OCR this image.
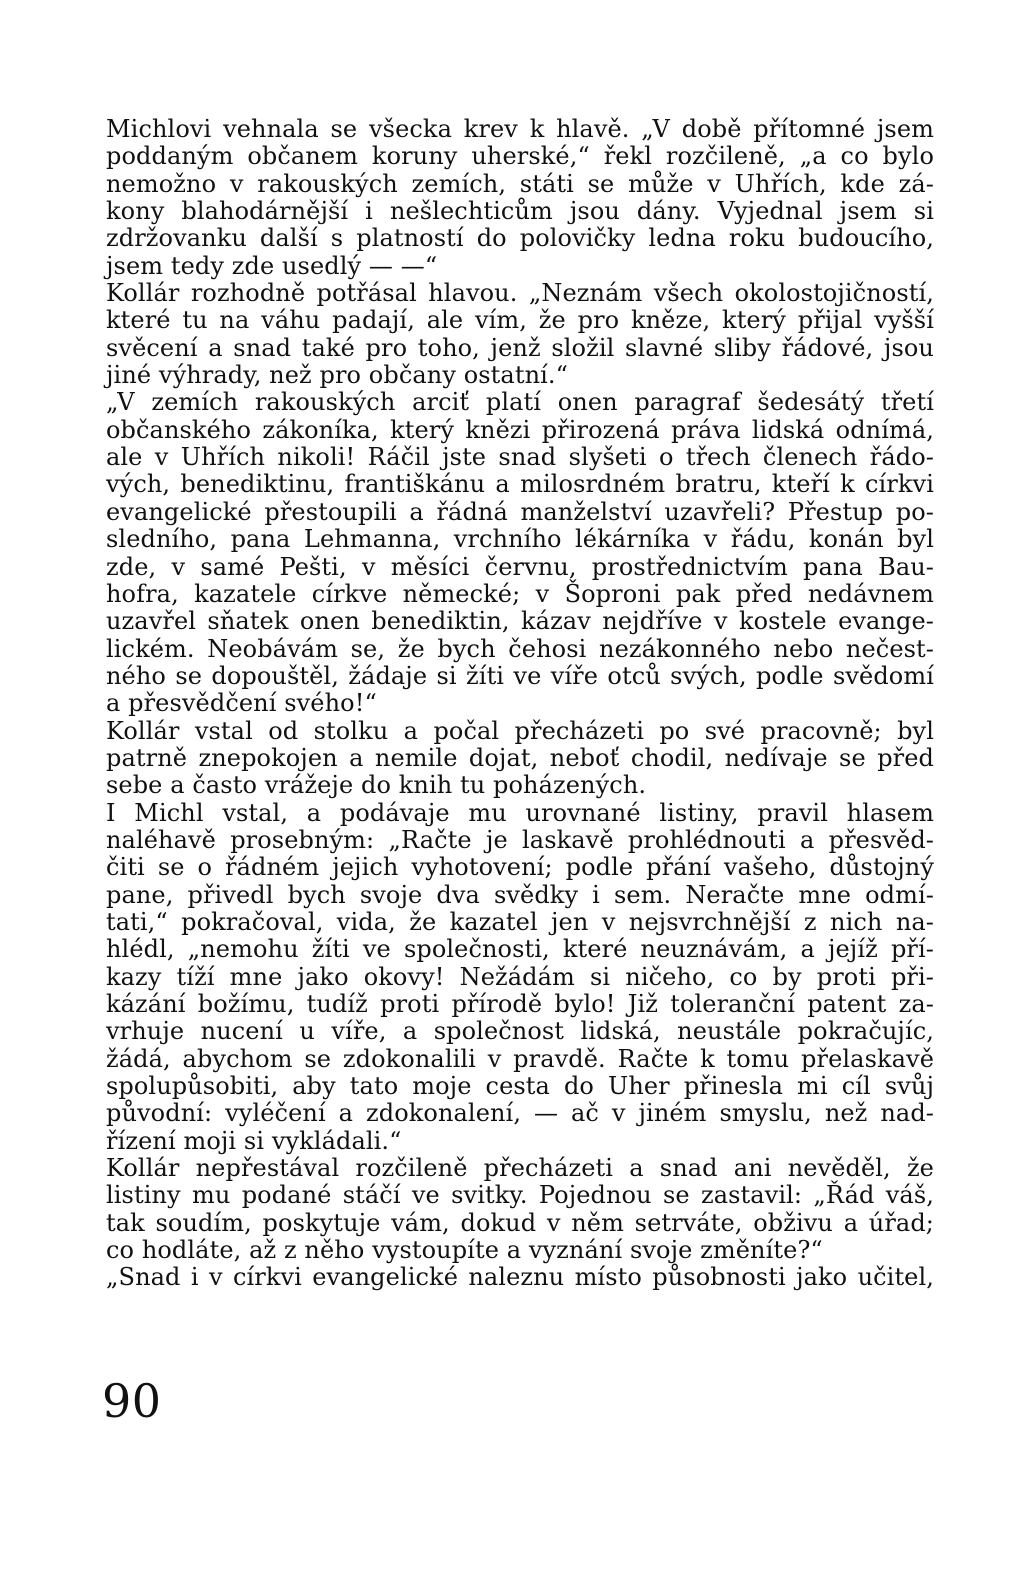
Michlovi vehnala se všecka krev k hlavě. „V době přítomné jsem
poddaným občanem koruny uherské,“ řekl rozčileně, „a co bylo
nemožno v rakouských zemích, státi se může v Uhřích, kde zá-
kony blahodárnější i nešlechticům jsou dány. Vyjednal jsem si
zdržovanku další s platností do polovičky ledna roku budoucího,
jsem tedy zde usedlý — —“
Kollár rozhodně potřásal hlavou. „Neznám všech okolostojičností,
které tu na váhu padají, ale vím, že pro kněze, který přijal vyšší
svěcení a snad také pro toho, jenž složil slavné sliby řádové, jsou
jiné výhrady, než pro občany ostatní.“
„V zemích rakouských arciť platí onen paragraf šedesátý třetí
občanského zákoníka, který knězi přirozená práva lidská odnímá,
ale v Uhřích nikoli! Ráčil jste snad slyšeti o třech členech řádo-
vých, benediktinu, františkánu a milosrdném bratru, kteří k církvi
evangelické přestoupili a řádná manželství uzavřeli? Přestup po-
sledního, pana Lehmanna, vrchního lékárníka v řádu, konán byl
zde, v samé Pešti, v měsíci červnu, prostřednictvím pana Bau-
hofra, kazatele církve německé; v Šoproni pak před nedávnem
uzavřel sňatek onen benediktin, kázav nejdříve v kostele evange-
lickém. Neobávám se, že bych čehosi nezákonného nebo nečest-
ného se dopouštěl, žádaje si žíti ve víře otců svých, podle svědomí
a přesvědčení svého!“
Kollár vstal od stolku a počal přecházeti po své pracovně; byl
patrně znepokojen a nemile dojat, neboť chodil, nedívaje se před
sebe a často vrážeje do knih tu poházených.
I Michl vstal, a podávaje mu urovnané listiny, pravil hlasem
naléhavě prosebným: „Račte je laskavě prohlédnouti a přesvěd-
čiti se o řádném jejich vyhotovení; podle přání vašeho, důstojný
pane, přivedl bych svoje dva svědky i sem. Neračte mne odmí-
tati,“ pokračoval, vida, že kazatel jen v nejsvrchnější z nich na-
hlédl, „nemohu žíti ve společnosti, které neuznávám, a jejíž pří-
kazy tíží mne jako okovy! Nežádám si ničeho, co by proti při-
kázání božímu, tudíž proti přírodě bylo! Již toleranční patent za-
vrhuje nucení u víře, a společnost lidská, neustále pokračujíc,
žádá, abychom se zdokonalili v pravdě. Račte k tomu přelaskavě
spolupůsobiti, aby tato moje cesta do Uher přinesla mi cíl svůj
původní: vyléčení a zdokonalení, — ač v jiném smyslu, než nad-
řízení moji si vykládali.“
Kollár nepřestával rozčileně přecházeti a snad ani nevěděl, že
listiny mu podané stáčí ve svitky. Pojednou se zastavil: „Řád váš,
tak soudím, poskytuje vám, dokud v něm setrváte, obživu a úřad;
co hodláte, až z něho vystoupíte a vyznání svoje změníte?“
„Snad i v církvi evangelické naleznu místo působnosti jako učitel,
90
